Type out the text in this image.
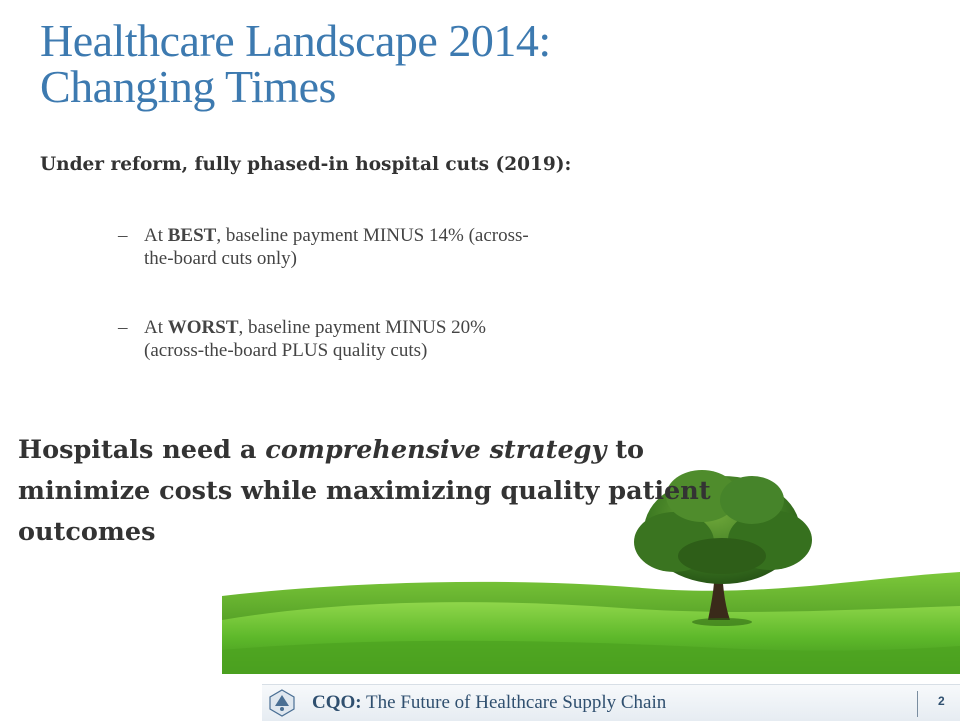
Healthcare Landscape 2014:
Changing Times

Under reform, fully phased-in hospital cuts (2019):

– At BEST, baseline payment MINUS 14% (across-the-board cuts only)
– At WORST, baseline payment MINUS 20% (across-the-board PLUS quality cuts)

Hospitals need a comprehensive strategy to minimize costs while maximizing quality patient outcomes

CQO: The Future of Healthcare Supply Chain	2
